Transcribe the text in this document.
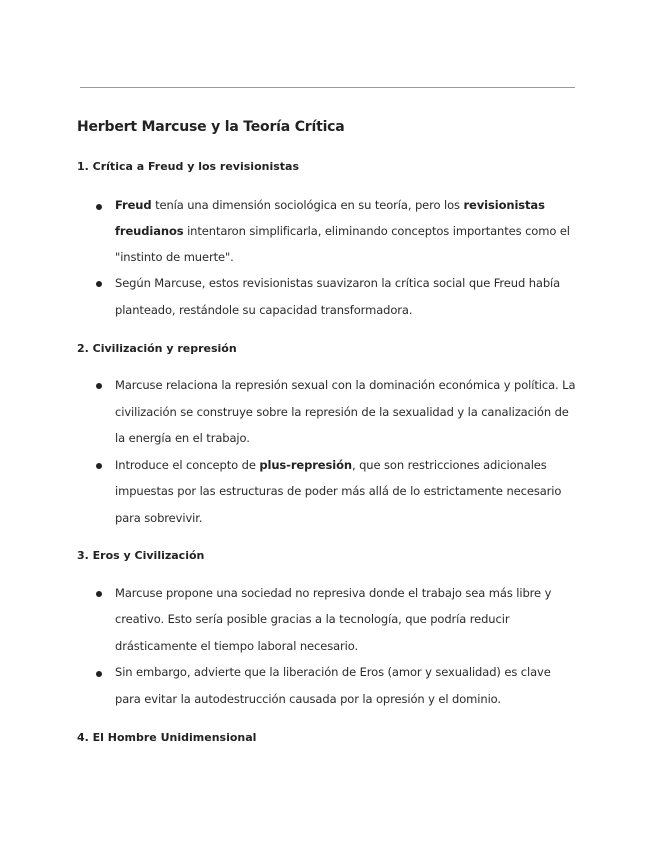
Herbert Marcuse y la Teoría Crítica
1. Crítica a Freud y los revisionistas
Freud tenía una dimensión sociológica en su teoría, pero los revisionistas
freudianos intentaron simplificarla, eliminando conceptos importantes como el
"instinto de muerte".
Según Marcuse, estos revisionistas suavizaron la crítica social que Freud había
planteado, restándole su capacidad transformadora.
2. Civilización y represión
Marcuse relaciona la represión sexual con la dominación económica y política. La
civilización se construye sobre la represión de la sexualidad y la canalización de
la energía en el trabajo.
Introduce el concepto de plus-represión, que son restricciones adicionales
impuestas por las estructuras de poder más allá de lo estrictamente necesario
para sobrevivir.
3. Eros y Civilización
Marcuse propone una sociedad no represiva donde el trabajo sea más libre y
creativo. Esto sería posible gracias a la tecnología, que podría reducir
drásticamente el tiempo laboral necesario.
Sin embargo, advierte que la liberación de Eros (amor y sexualidad) es clave
para evitar la autodestrucción causada por la opresión y el dominio.
4. El Hombre Unidimensional
